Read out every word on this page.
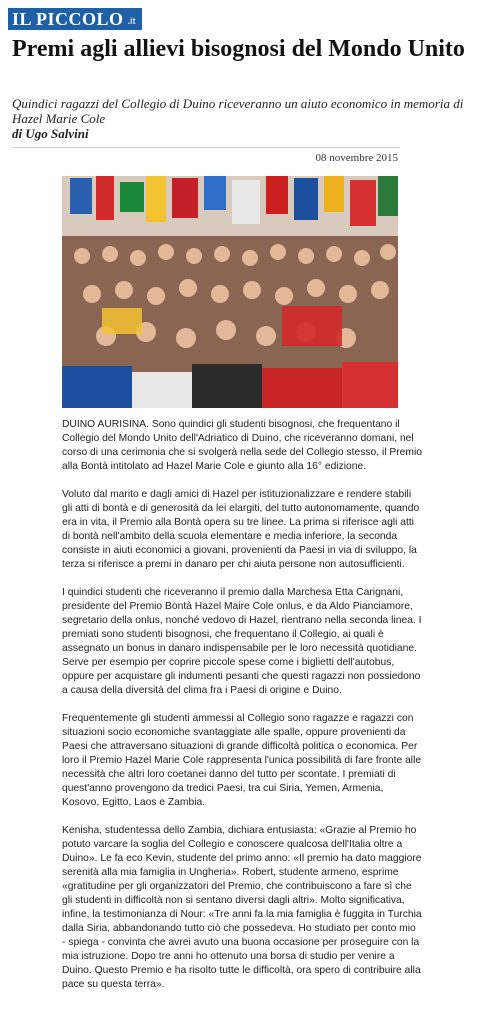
IL PICCOLO .it
Premi agli allievi bisognosi del Mondo Unito

Quindici ragazzi del Collegio di Duino riceveranno un aiuto economico in memoria di Hazel Marie Cole

di Ugo Salvini
08 novembre 2015

DUINO AURISINA. Sono quindici gli studenti bisognosi, che frequentano il Collegio del Mondo Unito dell'Adriatico di Duino, che riceveranno domani, nel corso di una cerimonia che si svolgerà nella sede del Collegio stesso, il Premio alla Bontà intitolato ad Hazel Marie Cole e giunto alla 16° edizione.

Voluto dal marito e dagli amici di Hazel per istituzionalizzare e rendere stabili gli atti di bontà e di generosità da lei elargiti, del tutto autonomamente, quando era in vita, il Premio alla Bontà opera su tre linee. La prima si riferisce agli atti di bontà nell'ambito della scuola elementare e media inferiore, la seconda consiste in aiuti economici a giovani, provenienti da Paesi in via di sviluppo, la terza si riferisce a premi in danaro per chi aiuta persone non autosufficienti.

I quindici studenti che riceveranno il premio dalla Marchesa Etta Carignani, presidente del Premio Bontà Hazel Maire Cole onlus, e da Aldo Pianciamore, segretario della onlus, nonché vedovo di Hazel, rientrano nella seconda linea. I premiati sono studenti bisognosi, che frequentano il Collegio, ai quali è assegnato un bonus in danaro indispensabile per le loro necessità quotidiane. Serve per esempio per coprire piccole spese come i biglietti dell'autobus, oppure per acquistare gli indumenti pesanti che questi ragazzi non possiedono a causa della diversità del clima fra i Paesi di origine e Duino.

Frequentemente gli studenti ammessi al Collegio sono ragazze e ragazzi con situazioni socio economiche svantaggiate alle spalle, oppure provenienti da Paesi che attraversano situazioni di grande difficoltà politica o economica. Per loro il Premio Hazel Marie Cole rappresenta l'unica possibilità di fare fronte alle necessità che altri loro coetanei danno del tutto per scontate. I premiati di quest'anno provengono da tredici Paesi, tra cui Siria, Yemen, Armenia, Kosovo, Egitto, Laos e Zambia.

Kenisha, studentessa dello Zambia, dichiara entusiasta: «Grazie al Premio ho potuto varcare la soglia del Collegio e conoscere qualcosa dell'Italia oltre a Duino». Le fa eco Kevin, studente del primo anno: «Il premio ha dato maggiore serenità alla mia famiglia in Ungheria». Robert, studente armeno, esprime «gratitudine per gli organizzatori del Premio, che contribuiscono a fare sì che gli studenti in difficoltà non si sentano diversi dagli altri». Molto significativa, infine, la testimonianza di Nour: «Tre anni fa la mia famiglia è fuggita in Turchia dalla Siria, abbandonando tutto ciò che possedeva. Ho studiato per conto mio - spiega - convinta che avrei avuto una buona occasione per proseguire con la mia istruzione. Dopo tre anni ho ottenuto una borsa di studio per venire a Duino. Questo Premio e ha risolto tutte le difficoltà, ora spero di contribuire alla pace su questa terra».
